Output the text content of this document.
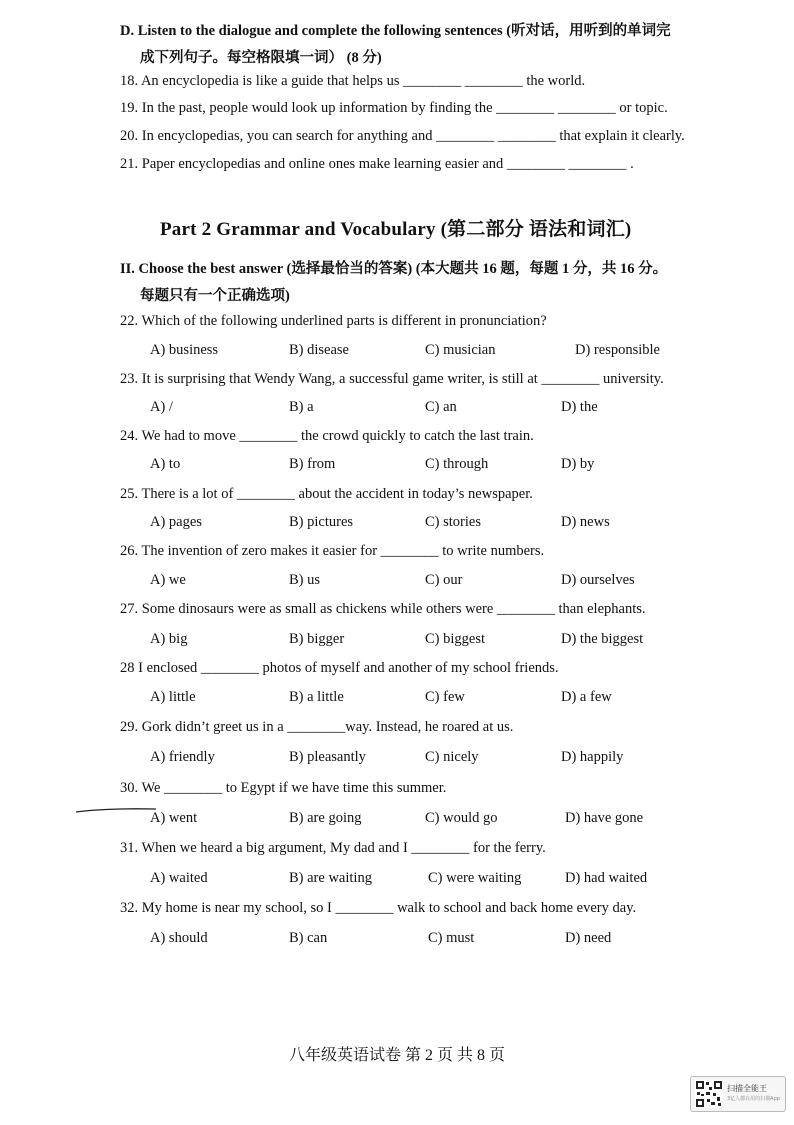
D. Listen to the dialogue and complete the following sentences (听对话，用听到的单词完
成下列句子。每空格限填一词） (8 分)
18. An encyclopedia is like a guide that helps us ________ ________ the world.
19. In the past, people would look up information by finding the ________ ________ or topic.
20. In encyclopedias, you can search for anything and ________ ________ that explain it clearly.
21. Paper encyclopedias and online ones make learning easier and ________ ________ .
Part 2 Grammar and Vocabulary (第二部分 语法和词汇)
II. Choose the best answer (选择最恰当的答案) (本大题共 16 题，每题 1 分，共 16 分。
每题只有一个正确选项)
22. Which of the following underlined parts is different in pronunciation?
A) business	B) disease	C) musician	D) responsible
23. It is surprising that Wendy Wang, a successful game writer, is still at ________ university.
A) /	B) a	C) an	D) the
24. We had to move ________ the crowd quickly to catch the last train.
A) to	B) from	C) through	D) by
25. There is a lot of ________ about the accident in today’s newspaper.
A) pages	B) pictures	C) stories	D) news
26. The invention of zero makes it easier for ________ to write numbers.
A) we	B) us	C) our	D) ourselves
27. Some dinosaurs were as small as chickens while others were ________ than elephants.
A) big	B) bigger	C) biggest	D) the biggest
28 I enclosed ________ photos of myself and another of my school friends.
A) little	B) a little	C) few	D) a few
29. Gork didn’t greet us in a ________way. Instead, he roared at us.
A) friendly	B) pleasantly	C) nicely	D) happily
30. We ________ to Egypt if we have time this summer.
A) went	B) are going	C) would go	D) have gone
31. When we heard a big argument, My dad and I ________ for the ferry.
A) waited	B) are waiting	C) were waiting	D) had waited
32. My home is near my school, so I ________ walk to school and back home every day.
A) should	B) can	C) must	D) need
八年级英语试卷 第 2 页 共 8 页
扫描全能王
3亿人都在用的扫描App
